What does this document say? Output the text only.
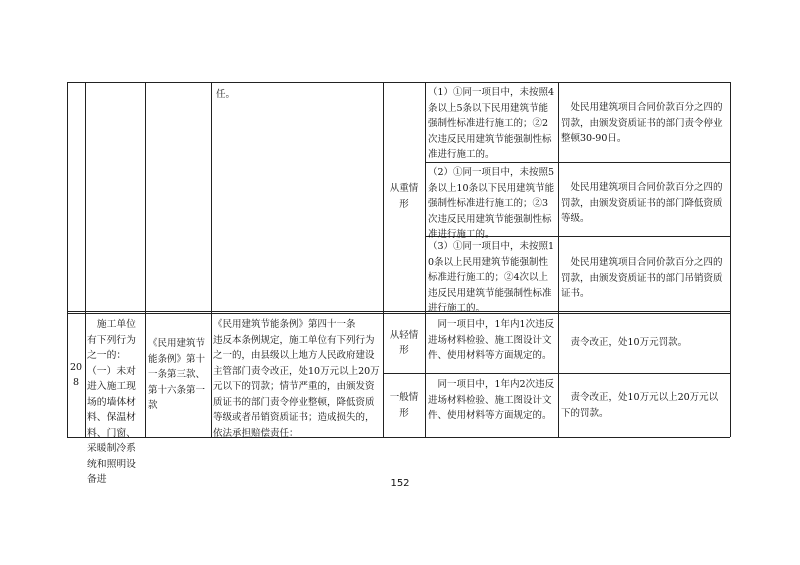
任。
从重情形
（1）①同一项目中，未按照4条以上5条以下民用建筑节能强制性标准进行施工的；②2次违反民用建筑节能强制性标准进行施工的。
处民用建筑项目合同价款百分之四的罚款，由颁发资质证书的部门责令停业整顿30-90日。
（2）①同一项目中，未按照5条以上10条以下民用建筑节能强制性标准进行施工的；②3次违反民用建筑节能强制性标准进行施工的。
处民用建筑项目合同价款百分之四的罚款，由颁发资质证书的部门降低资质等级。
（3）①同一项目中，未按照10条以上民用建筑节能强制性标准进行施工的；②4次以上违反民用建筑节能强制性标准进行施工的。
处民用建筑项目合同价款百分之四的罚款，由颁发资质证书的部门吊销资质证书。
208
施工单位有下列行为之一的：（一）未对进入施工现场的墙体材料、保温材料、门窗、采暖制冷系统和照明设备进
《民用建筑节能条例》第十一条第三款、第十六条第一款
《民用建筑节能条例》第四十一条
违反本条例规定，施工单位有下列行为之一的，由县级以上地方人民政府建设主管部门责令改正，处10万元以上20万元以下的罚款；情节严重的，由颁发资质证书的部门责令停业整顿，降低资质等级或者吊销资质证书；造成损失的，依法承担赔偿责任：
从轻情形
同一项目中，1年内1次违反进场材料检验、施工图设计文件、使用材料等方面规定的。
责令改正，处10万元罚款。
一般情形
同一项目中，1年内2次违反进场材料检验、施工图设计文件、使用材料等方面规定的。
责令改正，处10万元以上20万元以下的罚款。
152
